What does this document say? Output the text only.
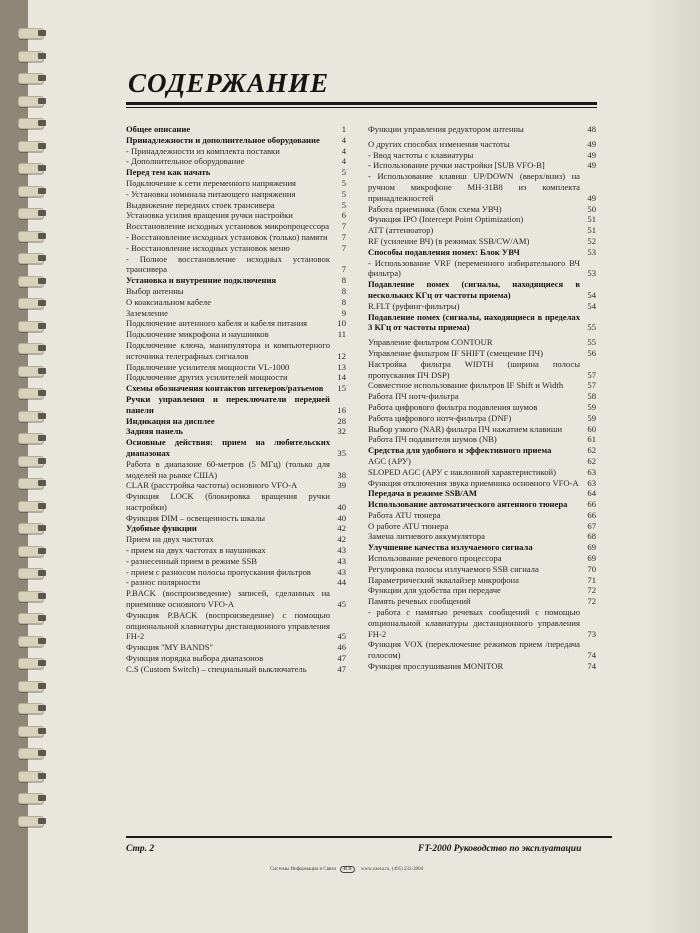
СОДЕРЖАНИЕ
Общее описание	1
Принадлежности и дополнительное оборудование	4
- Принадлежности из комплекта поставки	4
- Дополнительное оборудование	4
Перед тем как начать	5
Подключение к сети переменного напряжения	5
- Установка номинала питающего напряжения	5
Выдвижение передних стоек трансивера	5
Установка усилия вращения ручки настройки	6
Восстановление исходных установок микропроцессора	7
- Восстановление исходных установок (только) памяти	7
- Восстановление исходных установок меню	7
- Полное восстановление исходных установок трансивера	7
Установка и внутренние подключения	8
Выбор антенны	8
О коаксиальном кабеле	8
Заземление	9
Подключение антенного кабеля и кабеля питания	10
Подключение микрофона и наушников	11
Подключение ключа, манипулятора и компьютерного источника телеграфных сигналов	12
Подключение усилителя мощности VL-1000	13
Подключение других усилителей мощности	14
Схемы обозначения контактов штекеров/разъемов	15
Ручки управления и переключатели передней панели	16
Индикация на дисплее	28
Задняя панель	32
Основные действия: прием на любительских диапазонах	35
Работа в диапазоне 60-метров (5 МГц) (только для моделей на рынке США)	38
CLAR (расстройка частоты) основного VFO-A	39
Функция LOCK (блокировка вращения ручки настройки)	40
Функция DIM – освещенность шкалы	40
Удобные функции	42
Прием на двух частотах	42
- прием на двух частотах в наушниках	43
- разнесенный прием в режиме SSB	43
- прием с разносом полосы пропускания фильтров	43
- разнос полярности	44
P.BACK (воспроизведение) записей, сделанных на приемнике основного VFO-A	45
Функция P.BACK (воспроизведение) с помощью опциональной клавиатуры дистанционного управления FH-2	45
Функция "MY BANDS"	46
Функция порядка выбора диапазонов	47
C.S (Custom Switch) – специальный выключатель	47
Функции управления редуктором антенны	48
О других способах изменения частоты	49
- Ввод частоты с клавиатуры	49
- Использование ручки настройки [SUB VFO-B]	49
- Использование клавиш UP/DOWN (вверх/вниз) на ручном микрофоне MH-31B8 из комплекта принадлежностей	49
Работа приемника (блок схема УВЧ)	50
Функция IPO (Intercept Point Optimization)	51
ATT (аттенюатор)	51
RF (усиление ВЧ) (в режимах SSB/CW/AM)	52
Способы подавления помех: Блок УВЧ	53
- Использование VRF (переменного избирательного ВЧ фильтра)	53
Подавление помех (сигналы, находящиеся в нескольких КГц от частоты приема)	54
R.FLT (руфинг-фильтры)	54
Подавление помех (сигналы, находящиеся в пределах 3 КГц от частоты приема)	55
Управление фильтром CONTOUR	55
Управление фильтром IF SHIFT (смещение ПЧ)	56
Настройка фильтра WIDTH (ширина полосы пропускания ПЧ DSP)	57
Совместное использование фильтров IF Shift и Width	57
Работа ПЧ нотч-фильтра	58
Работа цифрового фильтра подавления шумов	59
Работа цифрового нотч-фильтра (DNF)	59
Выбор узкого (NAR) фильтра ПЧ нажатием клавиши	60
Работа ПЧ подавителя шумов (NB)	61
Средства для удобного и эффективного приема	62
AGC (АРУ)	62
SLOPED AGC (АРУ с наклонной характеристикой)	63
Функция отключения звука приемника основного VFO-A	63
Передача в режиме SSB/AM	64
Использование автоматического антенного тюнера	66
Работа ATU тюнера	66
О работе ATU тюнера	67
Замена литиевого аккумулятора	68
Улучшение качества излучаемого сигнала	69
Использование речевого процессора	69
Регулировка полосы излучаемого SSB сигнала	70
Параметрический эквалайзер микрофона	71
Функции для удобства при передаче	72
Память речевых сообщений	72
- работа с памятью речевых сообщений с помощью опциональной клавиатуры дистанционного управления FH-2	73
Функция VOX (переключение режимов прием /передача голосом)	74
Функция прослушивания MONITOR	74
Стр. 2	FT-2000 Руководство по эксплуатации
Системы Информации и Связи ICS www.yaesu.ru, (495) 232-2004
